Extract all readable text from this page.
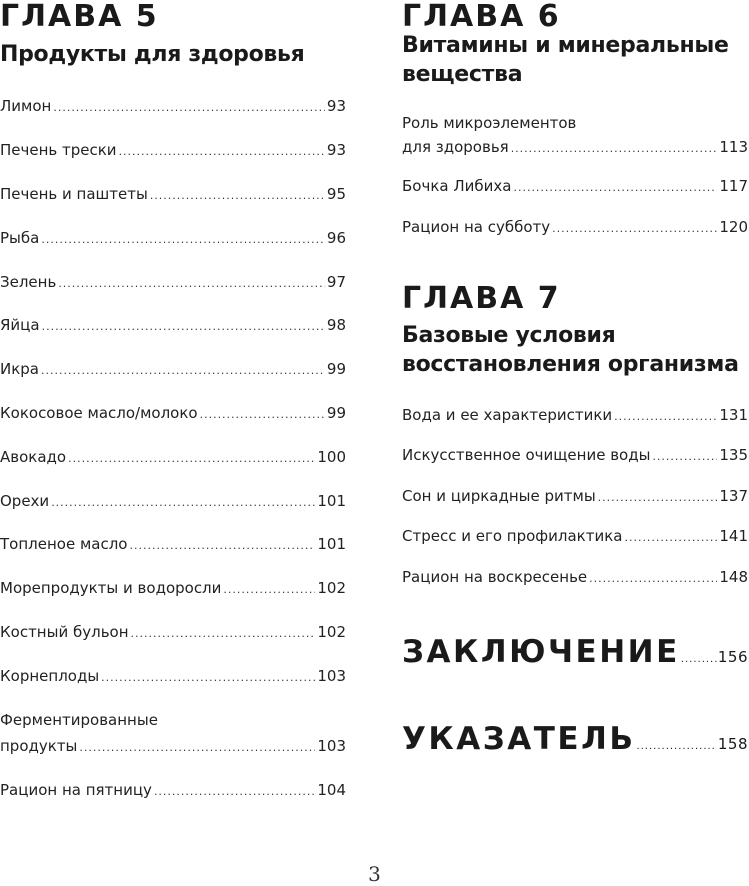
ГЛАВА 5
Продукты для здоровья
Лимон .....	93
Печень трески .....	93
Печень и паштеты .....	95
Рыба .....	96
Зелень .....	97
Яйца .....	98
Икра .....	99
Кокосовое масло/молоко .....	99
Авокадо .....	100
Орехи .....	101
Топленое масло .....	101
Морепродукты и водоросли .....	102
Костный бульон .....	102
Корнеплоды .....	103
Ферментированные
продукты .....	103
Рацион на пятницу .....	104
ГЛАВА 6
Витамины и минеральные
вещества
Роль микроэлементов
для здоровья .....	113
Бочка Либиха .....	117
Рацион на субботу .....	120
ГЛАВА 7
Базовые условия
восстановления организма
Вода и ее характеристики .....	131
Искусственное очищение воды .....	135
Сон и циркадные ритмы .....	137
Стресс и его профилактика .....	141
Рацион на воскресенье .....	148
ЗАКЛЮЧЕНИЕ .....	156
УКАЗАТЕЛЬ .....	158
3
